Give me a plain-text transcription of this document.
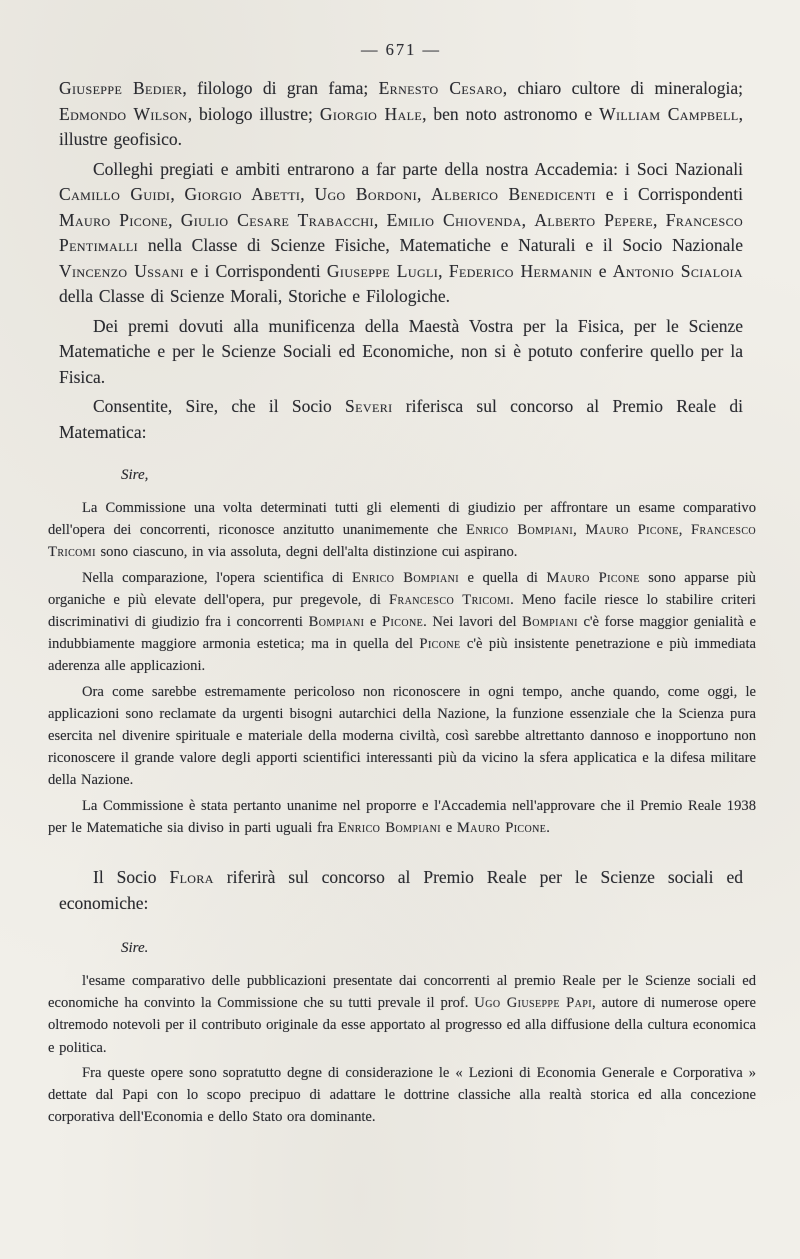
— 671 —

Giuseppe Bedier, filologo di gran fama; Ernesto Cesaro, chiaro cultore di mineralogia; Edmondo Wilson, biologo illustre; Giorgio Hale, ben noto astronomo e William Campbell, illustre geofisico.

Colleghi pregiati e ambiti entrarono a far parte della nostra Accademia: i Soci Nazionali Camillo Guidi, Giorgio Abetti, Ugo Bordoni, Alberico Benedicenti e i Corrispondenti Mauro Picone, Giulio Cesare Trabacchi, Emilio Chiovenda, Alberto Pepere, Francesco Pentimalli nella Classe di Scienze Fisiche, Matematiche e Naturali e il Socio Nazionale Vincenzo Ussani e i Corrispondenti Giuseppe Lugli, Federico Hermanin e Antonio Scialoia della Classe di Scienze Morali, Storiche e Filologiche.

Dei premi dovuti alla munificenza della Maestà Vostra per la Fisica, per le Scienze Matematiche e per le Scienze Sociali ed Economiche, non si è potuto conferire quello per la Fisica.

Consentite, Sire, che il Socio Severi riferisca sul concorso al Premio Reale di Matematica:

Sire,

La Commissione una volta determinati tutti gli elementi di giudizio per affrontare un esame comparativo dell'opera dei concorrenti, riconosce anzitutto unanimemente che Enrico Bompiani, Mauro Picone, Francesco Tricomi sono ciascuno, in via assoluta, degni dell'alta distinzione cui aspirano.

Nella comparazione, l'opera scientifica di Enrico Bompiani e quella di Mauro Picone sono apparse più organiche e più elevate dell'opera, pur pregevole, di Francesco Tricomi. Meno facile riesce lo stabilire criteri discriminativi di giudizio fra i concorrenti Bompiani e Picone. Nei lavori del Bompiani c'è forse maggior genialità e indubbiamente maggiore armonia estetica; ma in quella del Picone c'è più insistente penetrazione e più immediata aderenza alle applicazioni.

Ora come sarebbe estremamente pericoloso non riconoscere in ogni tempo, anche quando, come oggi, le applicazioni sono reclamate da urgenti bisogni autarchici della Nazione, la funzione essenziale che la Scienza pura esercita nel divenire spirituale e materiale della moderna civiltà, così sarebbe altrettanto dannoso e inopportuno non riconoscere il grande valore degli apporti scientifici interessanti più da vicino la sfera applicatica e la difesa militare della Nazione.

La Commissione è stata pertanto unanime nel proporre e l'Accademia nell'approvare che il Premio Reale 1938 per le Matematiche sia diviso in parti uguali fra Enrico Bompiani e Mauro Picone.

Il Socio Flora riferirà sul concorso al Premio Reale per le Scienze sociali ed economiche:

Sire.

l'esame comparativo delle pubblicazioni presentate dai concorrenti al premio Reale per le Scienze sociali ed economiche ha convinto la Commissione che su tutti prevale il prof. Ugo Giuseppe Papi, autore di numerose opere oltremodo notevoli per il contributo originale da esse apportato al progresso ed alla diffusione della cultura economica e politica.

Fra queste opere sono sopratutto degne di considerazione le « Lezioni di Economia Generale e Corporativa » dettate dal Papi con lo scopo precipuo di adattare le dottrine classiche alla realtà storica ed alla concezione corporativa dell'Economia e dello Stato ora dominante.
